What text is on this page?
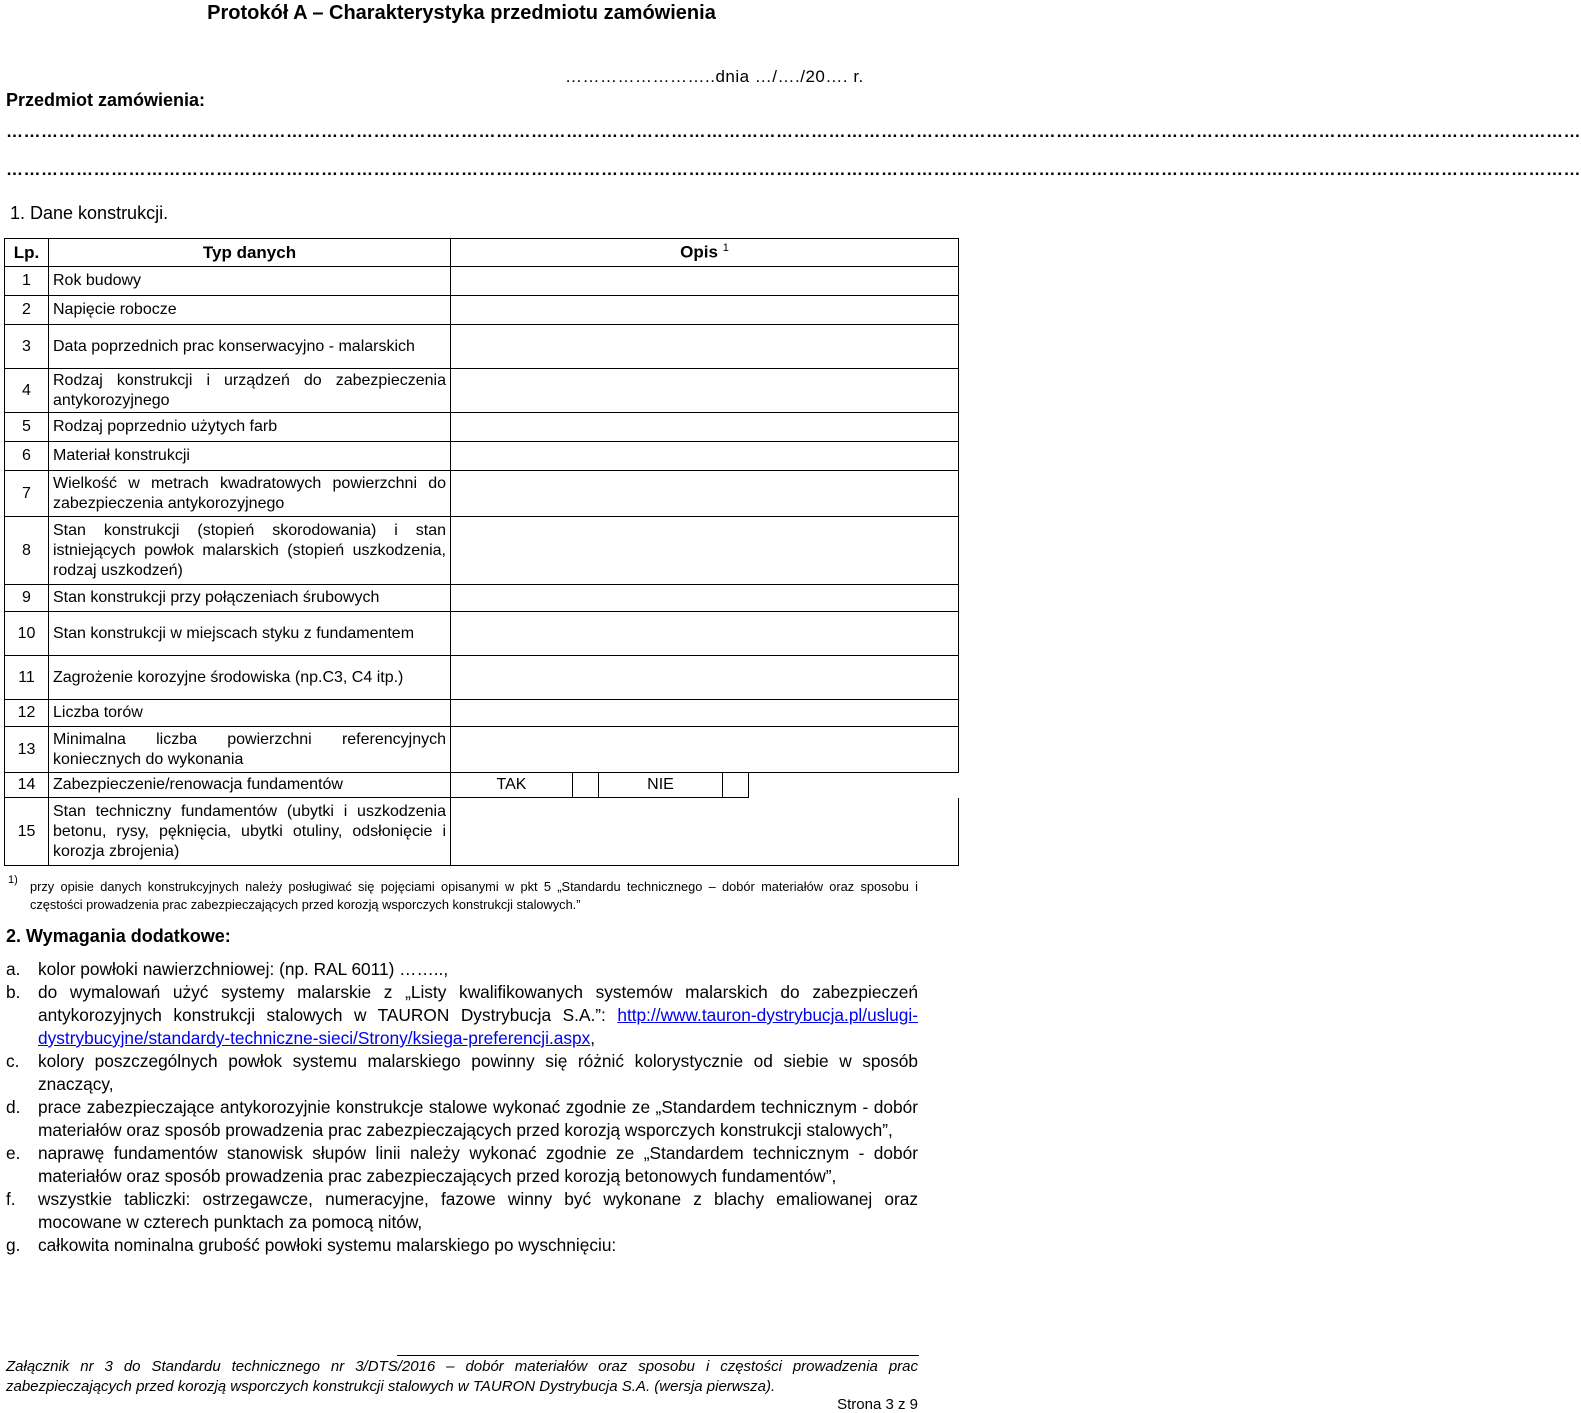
Protokół A – Charakterystyka przedmiotu zamówienia
……………………..dnia …/…./20…. r.
Przedmiot zamówienia:
………………………………………………………………………………………………………………………………………………………………………………………………………………………………………………
………………………………………………………………………………………………………………………………………………………………………………………………………………………………………………
1. Dane konstrukcji.
Lp.	Typ danych	Opis $^1$
1	Rok budowy					
2	Napięcie robocze					
3	Data poprzednich prac konserwacyjno - malarskich					
4	Rodzaj konstrukcji i urządzeń do zabezpieczenia antykorozyjnego					
5	Rodzaj poprzednio użytych farb					
6	Materiał konstrukcji					
7	Wielkość w metrach kwadratowych powierzchni do zabezpieczenia antykorozyjnego					
8	Stan konstrukcji (stopień skorodowania) i stan istniejących powłok malarskich (stopień uszkodzenia, rodzaj uszkodzeń)					
9	Stan konstrukcji przy połączeniach śrubowych					
10	Stan konstrukcji w miejscach styku z fundamentem					
11	Zagrożenie korozyjne środowiska (np.C3, C4 itp.)					
12	Liczba torów					
13	Minimalna liczba powierzchni referencyjnych koniecznych do wykonania					
14	Zabezpieczenie/renowacja fundamentów	TAK		NIE		
15	Stan techniczny fundamentów (ubytki i uszkodzenia betonu, rysy, pęknięcia, ubytki otuliny, odsłonięcie i korozja zbrojenia)					
1) przy opisie danych konstrukcyjnych należy posługiwać się pojęciami opisanymi w pkt 5 „Standardu technicznego – dobór materiałów oraz sposobu i częstości prowadzenia prac zabezpieczających przed korozją wsporczych konstrukcji stalowych.”
2. Wymagania dodatkowe:
a.	kolor powłoki nawierzchniowej: (np. RAL 6011) ……..,
b.	do wymalowań użyć systemy malarskie z „Listy kwalifikowanych systemów malarskich do zabezpieczeń antykorozyjnych konstrukcji stalowych w TAURON Dystrybucja S.A.”: http://www.tauron-dystrybucja.pl/uslugi-dystrybucyjne/standardy-techniczne-sieci/Strony/ksiega-preferencji.aspx,
c.	kolory poszczególnych powłok systemu malarskiego powinny się różnić kolorystycznie od siebie w sposób znaczący,
d.	prace zabezpieczające antykorozyjnie konstrukcje stalowe wykonać zgodnie ze „Standardem technicznym - dobór materiałów oraz sposób prowadzenia prac zabezpieczających przed korozją wsporczych konstrukcji stalowych”,
e.	naprawę fundamentów stanowisk słupów linii należy wykonać zgodnie ze „Standardem technicznym - dobór materiałów oraz sposób prowadzenia prac zabezpieczających przed korozją betonowych fundamentów”,
f.	wszystkie tabliczki: ostrzegawcze, numeracyjne, fazowe winny być wykonane z blachy emaliowanej oraz mocowane w czterech punktach za pomocą nitów,
g.	całkowita nominalna grubość powłoki systemu malarskiego po wyschnięciu:
Załącznik nr 3 do Standardu technicznego nr 3/DTS/2016 – dobór materiałów oraz sposobu i częstości prowadzenia prac zabezpieczających przed korozją wsporczych konstrukcji stalowych w TAURON Dystrybucja S.A. (wersja pierwsza).
Strona 3 z 9
